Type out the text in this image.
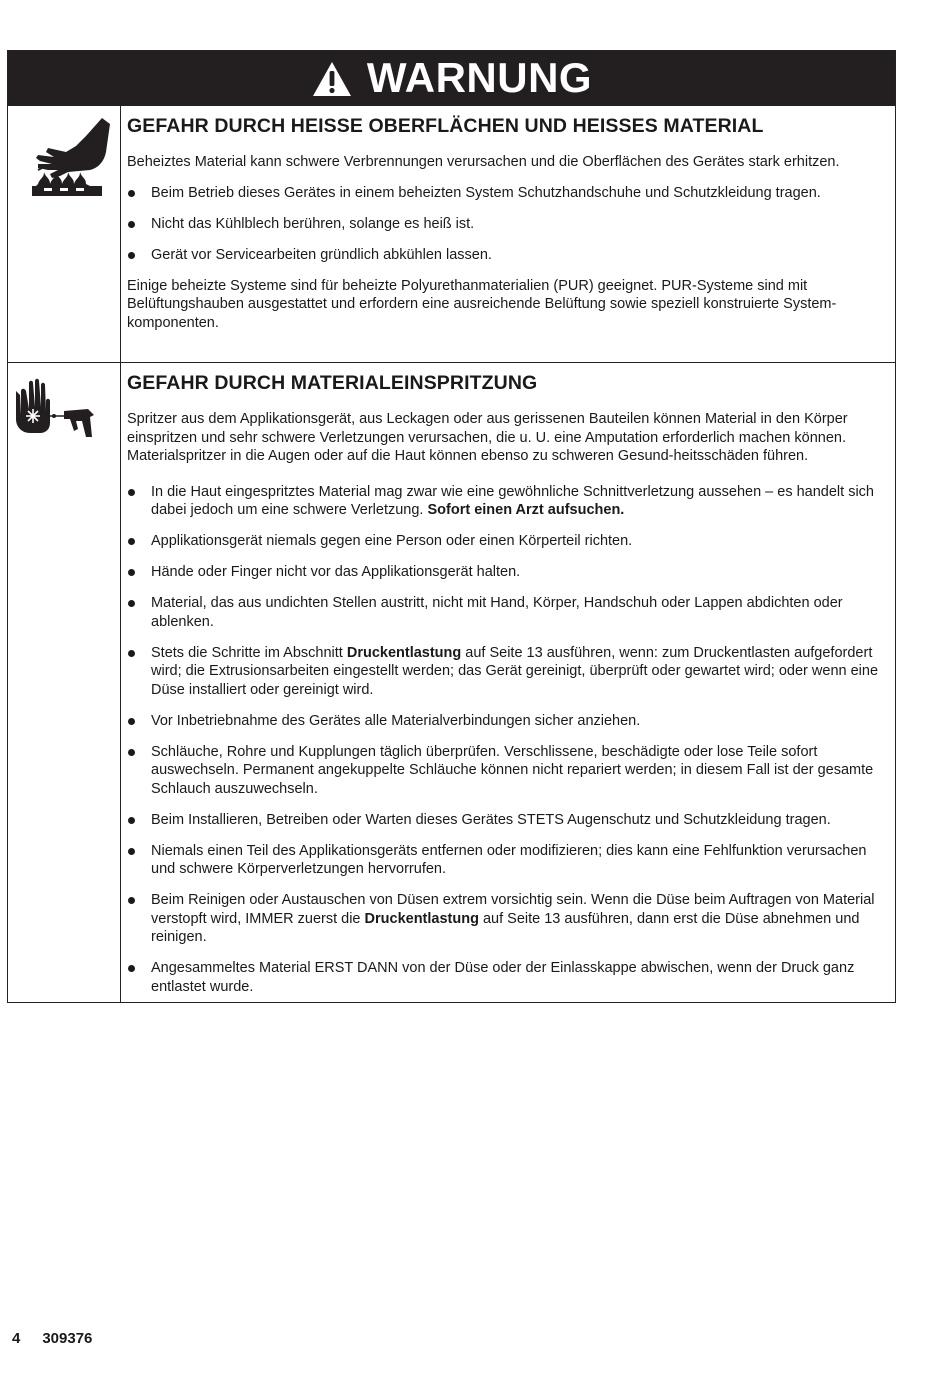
WARNUNG
GEFAHR DURCH HEISSE OBERFLÄCHEN UND HEISSES MATERIAL

Beheiztes Material kann schwere Verbrennungen verursachen und die Oberflächen des Gerätes stark erhitzen.

Beim Betrieb dieses Gerätes in einem beheizten System Schutzhandschuhe und Schutzkleidung tragen.
Nicht das Kühlblech berühren, solange es heiß ist.
Gerät vor Servicearbeiten gründlich abkühlen lassen.

Einige beheizte Systeme sind für beheizte Polyurethanmaterialien (PUR) geeignet. PUR-Systeme sind mit Belüftungshauben ausgestattet und erfordern eine ausreichende Belüftung sowie speziell konstruierte System-komponenten.

GEFAHR DURCH MATERIALEINSPRITZUNG

Spritzer aus dem Applikationsgerät, aus Leckagen oder aus gerissenen Bauteilen können Material in den Körper einspritzen und sehr schwere Verletzungen verursachen, die u. U. eine Amputation erforderlich machen können. Materialspritzer in die Augen oder auf die Haut können ebenso zu schweren Gesund-heitsschäden führen.

In die Haut eingespritztes Material mag zwar wie eine gewöhnliche Schnittverletzung aussehen – es handelt sich dabei jedoch um eine schwere Verletzung. Sofort einen Arzt aufsuchen.
Applikationsgerät niemals gegen eine Person oder einen Körperteil richten.
Hände oder Finger nicht vor das Applikationsgerät halten.
Material, das aus undichten Stellen austritt, nicht mit Hand, Körper, Handschuh oder Lappen abdichten oder ablenken.
Stets die Schritte im Abschnitt Druckentlastung auf Seite 13 ausführen, wenn: zum Druckentlasten aufgefordert wird; die Extrusionsarbeiten eingestellt werden; das Gerät gereinigt, überprüft oder gewartet wird; oder wenn eine Düse installiert oder gereinigt wird.
Vor Inbetriebnahme des Gerätes alle Materialverbindungen sicher anziehen.
Schläuche, Rohre und Kupplungen täglich überprüfen. Verschlissene, beschädigte oder lose Teile sofort auswechseln. Permanent angekuppelte Schläuche können nicht repariert werden; in diesem Fall ist der gesamte Schlauch auszuwechseln.
Beim Installieren, Betreiben oder Warten dieses Gerätes STETS Augenschutz und Schutzkleidung tragen.
Niemals einen Teil des Applikationsgeräts entfernen oder modifizieren; dies kann eine Fehlfunktion verursachen und schwere Körperverletzungen hervorrufen.
Beim Reinigen oder Austauschen von Düsen extrem vorsichtig sein. Wenn die Düse beim Auftragen von Material verstopft wird, IMMER zuerst die Druckentlastung auf Seite 13 ausführen, dann erst die Düse abnehmen und reinigen.
Angesammeltes Material ERST DANN von der Düse oder der Einlasskappe abwischen, wenn der Druck ganz entlastet wurde.
4 309376
